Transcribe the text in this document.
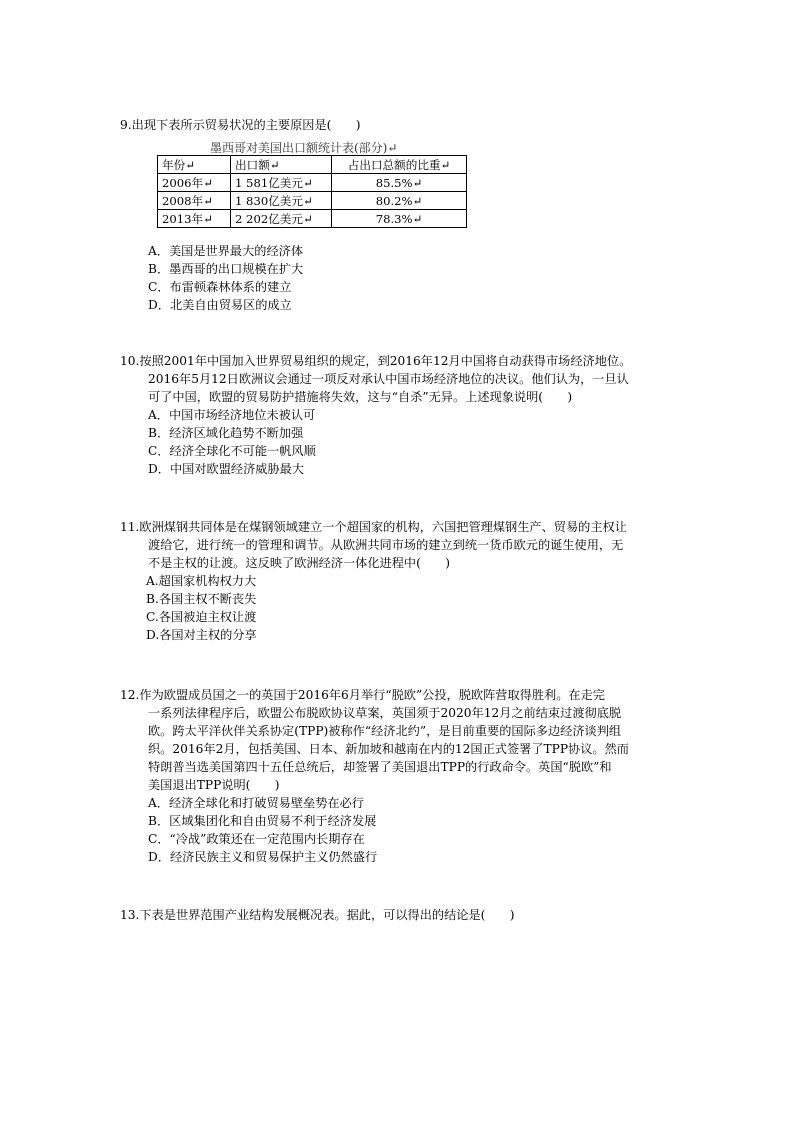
9.出现下表所示贸易状况的主要原因是(　　)

墨西哥对美国出口额统计表(部分)↵
年份↵	出口额↵	占出口总额的比重↵
2006年↵	1 581亿美元↵	85.5%↵
2008年↵	1 830亿美元↵	80.2%↵
2013年↵	2 202亿美元↵	78.3%↵
A．美国是世界最大的经济体
B．墨西哥的出口规模在扩大
C．布雷顿森林体系的建立
D．北美自由贸易区的成立
10.按照2001年中国加入世界贸易组织的规定，到2016年12月中国将自动获得市场经济地位。
2016年5月12日欧洲议会通过一项反对承认中国市场经济地位的决议。他们认为，一旦认
可了中国，欧盟的贸易防护措施将失效，这与“自杀”无异。上述现象说明(　　)
A．中国市场经济地位未被认可
B．经济区域化趋势不断加强
C．经济全球化不可能一帆风顺
D．中国对欧盟经济威胁最大
11.欧洲煤钢共同体是在煤钢领域建立一个超国家的机构，六国把管理煤钢生产、贸易的主权让
渡给它，进行统一的管理和调节。从欧洲共同市场的建立到统一货币欧元的诞生使用，无
不是主权的让渡。这反映了欧洲经济一体化进程中(　　)
A.超国家机构权力大
B.各国主权不断丧失
C.各国被迫主权让渡
D.各国对主权的分享
12.作为欧盟成员国之一的英国于2016年6月举行“脱欧”公投，脱欧阵营取得胜利。在走完
一系列法律程序后，欧盟公布脱欧协议草案，英国须于2020年12月之前结束过渡彻底脱
欧。跨太平洋伙伴关系协定(TPP)被称作“经济北约”，是目前重要的国际多边经济谈判组
织。2016年2月，包括美国、日本、新加坡和越南在内的12国正式签署了TPP协议。然而
特朗普当选美国第四十五任总统后，却签署了美国退出TPP的行政命令。英国“脱欧”和
美国退出TPP说明(　　)
A．经济全球化和打破贸易壁垒势在必行
B．区域集团化和自由贸易不利于经济发展
C．“冷战”政策还在一定范围内长期存在
D．经济民族主义和贸易保护主义仍然盛行

13.下表是世界范围产业结构发展概况表。据此，可以得出的结论是(　　)
